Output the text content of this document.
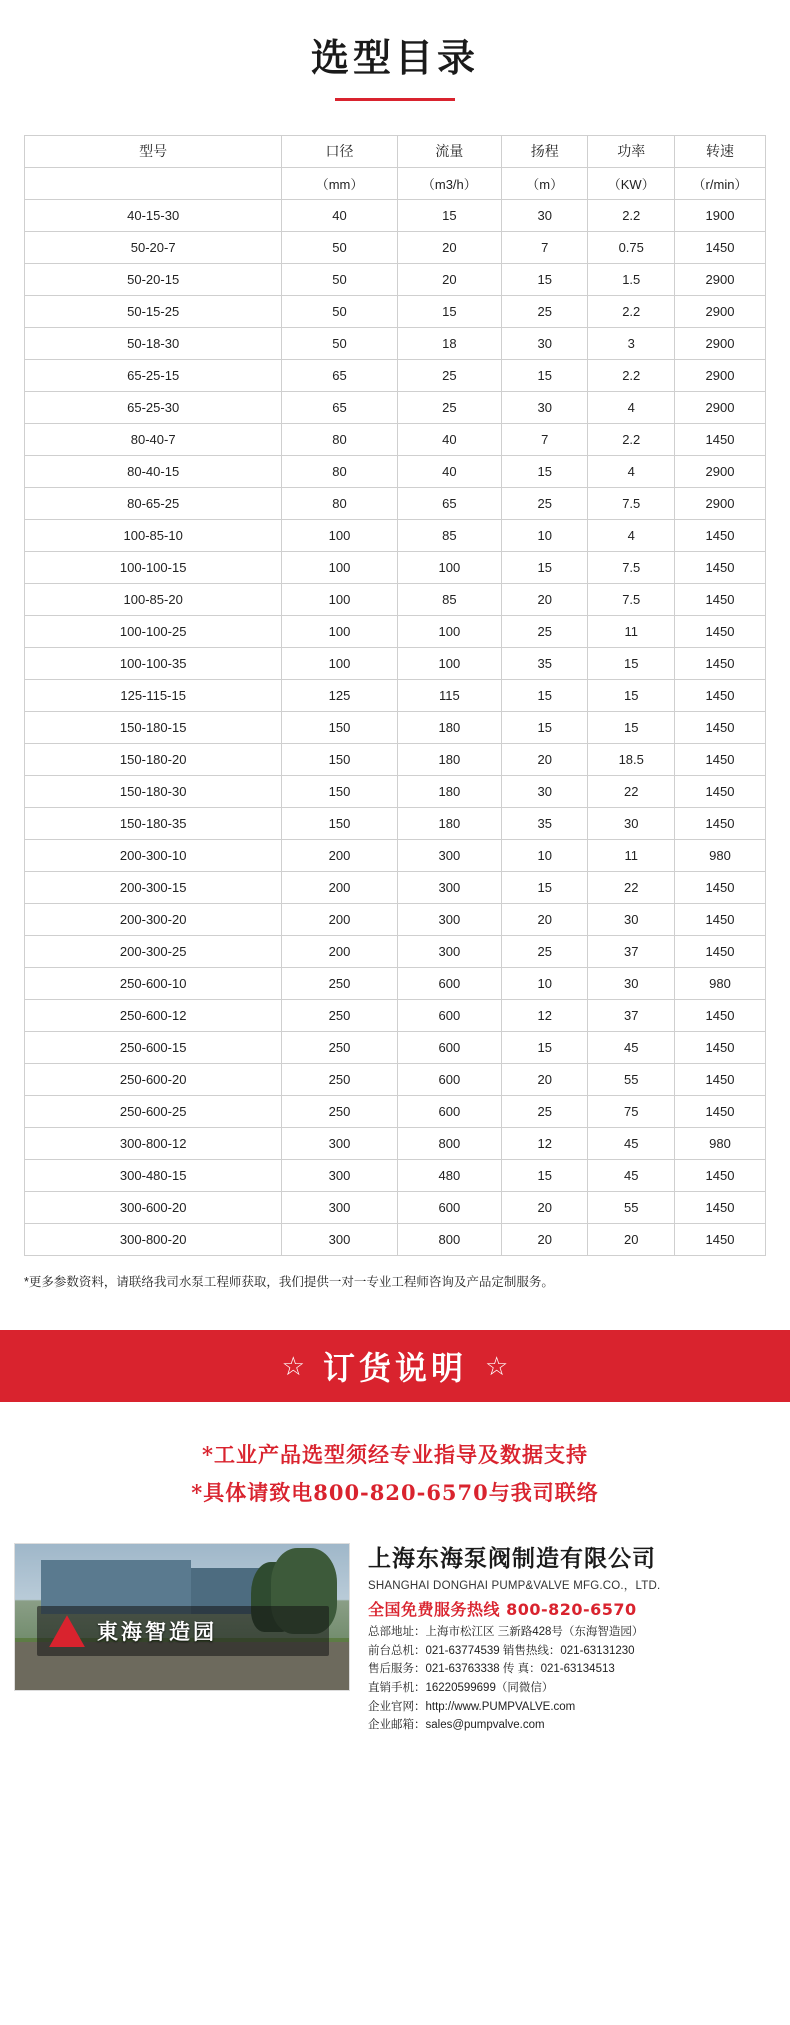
选型目录
型号	口径	流量	扬程	功率	转速
	（mm）	（m3/h）	（m）	（KW）	（r/min）
40-15-30	40	15	30	2.2	1900
50-20-7	50	20	7	0.75	1450
50-20-15	50	20	15	1.5	2900
50-15-25	50	15	25	2.2	2900
50-18-30	50	18	30	3	2900
65-25-15	65	25	15	2.2	2900
65-25-30	65	25	30	4	2900
80-40-7	80	40	7	2.2	1450
80-40-15	80	40	15	4	2900
80-65-25	80	65	25	7.5	2900
100-85-10	100	85	10	4	1450
100-100-15	100	100	15	7.5	1450
100-85-20	100	85	20	7.5	1450
100-100-25	100	100	25	11	1450
100-100-35	100	100	35	15	1450
125-115-15	125	115	15	15	1450
150-180-15	150	180	15	15	1450
150-180-20	150	180	20	18.5	1450
150-180-30	150	180	30	22	1450
150-180-35	150	180	35	30	1450
200-300-10	200	300	10	11	980
200-300-15	200	300	15	22	1450
200-300-20	200	300	20	30	1450
200-300-25	200	300	25	37	1450
250-600-10	250	600	10	30	980
250-600-12	250	600	12	37	1450
250-600-15	250	600	15	45	1450
250-600-20	250	600	20	55	1450
250-600-25	250	600	25	75	1450
300-800-12	300	800	12	45	980
300-480-15	300	480	15	45	1450
300-600-20	300	600	20	55	1450
300-800-20	300	800	20	20	1450
*更多参数资料，请联络我司水泵工程师获取，我们提供一对一专业工程师咨询及产品定制服务。
☆ 订货说明 ☆
*工业产品选型须经专业指导及数据支持
*具体请致电800-820-6570与我司联络
東海智造园
上海东海泵阀制造有限公司
SHANGHAI DONGHAI PUMP&VALVE MFG.CO.，LTD.
全国免费服务热线 800-820-6570
总部地址：上海市松江区 三新路428号（东海智造园）
前台总机：021-63774539 销售热线：021-63131230
售后服务：021-63763338 传 真：021-63134513
直销手机：16220599699（同微信）
企业官网：http://www.PUMPVALVE.com
企业邮箱：sales@pumpvalve.com
